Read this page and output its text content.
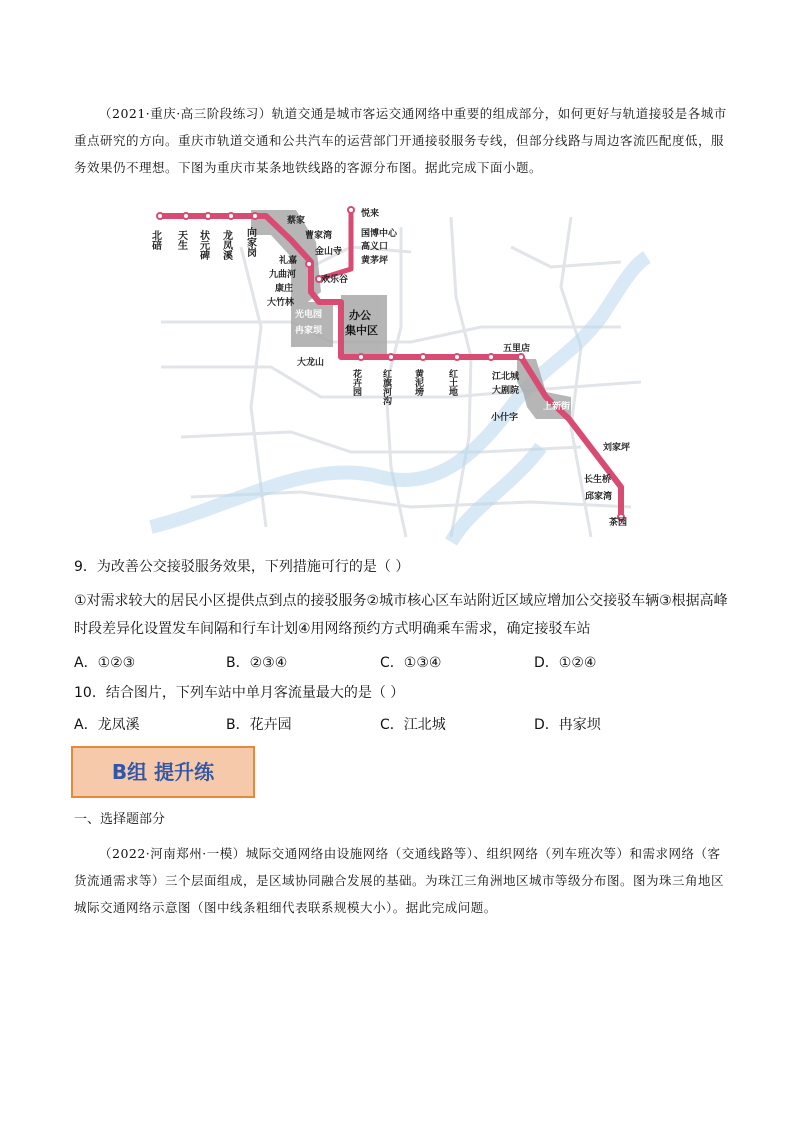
（2021·重庆·高三阶段练习）轨道交通是城市客运交通网络中重要的组成部分，如何更好与轨道接驳是各城市重点研究的方向。重庆市轨道交通和公共汽车的运营部门开通接驳服务专线，但部分线路与周边客流匹配度低，服务效果仍不理想。下图为重庆市某条地铁线路的客源分布图。据此完成下面小题。

北碚 天生 状元碑 龙凤溪 向家岗
蔡家
曹家湾
金山寺
欢乐谷
礼嘉
九曲河
康庄
大竹林
光电园
冉家坝
大龙山
悦来
国博中心
高义口
黄茅坪
办公
集中区
花卉园 红旗河沟 黄泥塝	红土地
五里店
江北城
大剧院
小什字
上新街
刘家坪
长生桥
邱家湾
茶园

9．为改善公交接驳服务效果，下列措施可行的是（ ）

①对需求较大的居民小区提供点到点的接驳服务②城市核心区车站附近区域应增加公交接驳车辆③根据高峰时段差异化设置发车间隔和行车计划④用网络预约方式明确乘车需求，确定接驳车站

A．①②③	B．②③④	C．①③④	D．①②④

10．结合图片，下列车站中单月客流量最大的是（ ）

A．龙凤溪	B．花卉园	C．江北城	D．冉家坝
B组 提升练
一、选择题部分

（2022·河南郑州·一模）城际交通网络由设施网络（交通线路等）、组织网络（列车班次等）和需求网络（客货流通需求等）三个层面组成，是区域协同融合发展的基础。为珠江三角洲地区城市等级分布图。图为珠三角地区城际交通网络示意图（图中线条粗细代表联系规模大小）。据此完成问题。
